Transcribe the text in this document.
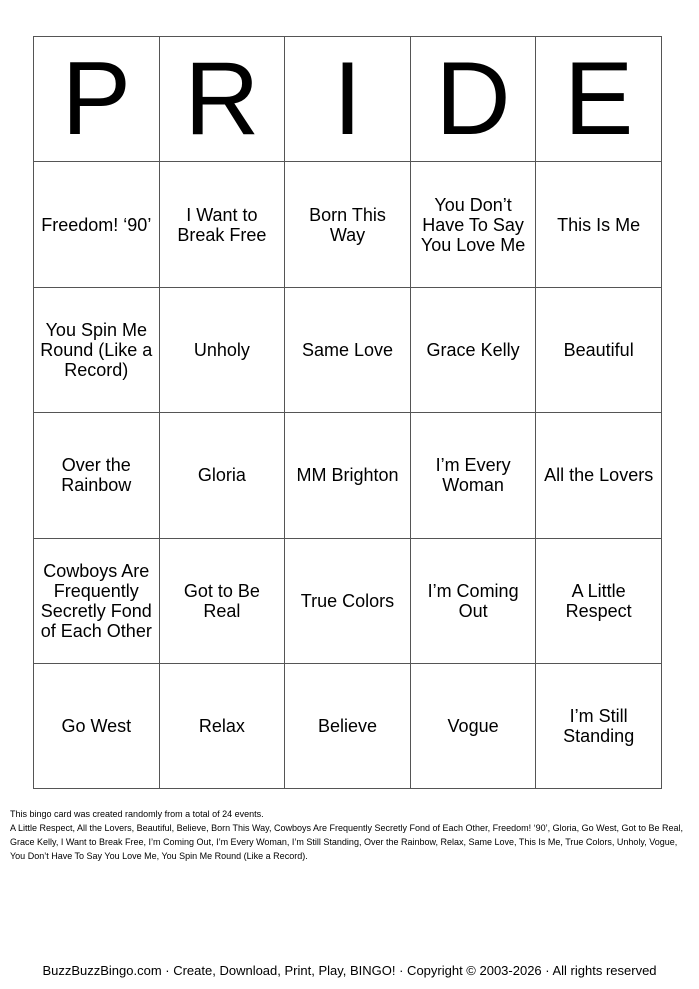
P	R	I	D	E
Freedom! ‘90’	I Want to Break Free	Born This Way	You Don’t Have To Say You Love Me	This Is Me
You Spin Me Round (Like a Record)	Unholy	Same Love	Grace Kelly	Beautiful
Over the Rainbow	Gloria	MM Brighton	I’m Every Woman	All the Lovers
Cowboys Are Frequently Secretly Fond of Each Other	Got to Be Real	True Colors	I’m Coming Out	A Little Respect
Go West	Relax	Believe	Vogue	I’m Still Standing

This bingo card was created randomly from a total of 24 events.

A Little Respect, All the Lovers, Beautiful, Believe, Born This Way, Cowboys Are Frequently Secretly Fond of Each Other, Freedom! ‘90’, Gloria, Go West, Got to Be Real, Grace Kelly, I Want to Break Free, I’m Coming Out, I’m Every Woman, I’m Still Standing, Over the Rainbow, Relax, Same Love, This Is Me, True Colors, Unholy, Vogue, You Don’t Have To Say You Love Me, You Spin Me Round (Like a Record).

BuzzBuzzBingo.com · Create, Download, Print, Play, BINGO! · Copyright © 2003-2026 · All rights reserved
